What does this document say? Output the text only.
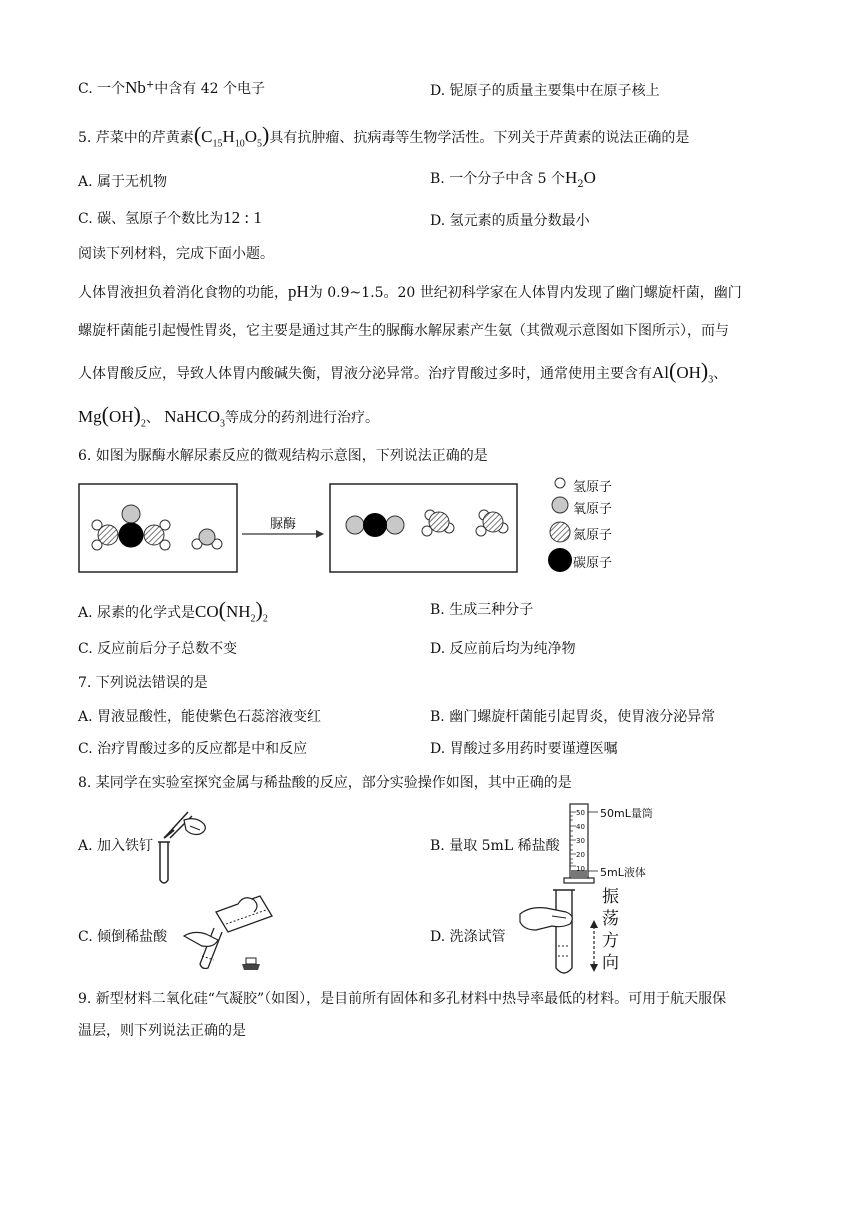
C. 一个Nb+中含有 42 个电子	D. 铌原子的质量主要集中在原子核上
5. 芹菜中的芹黄素$(C_{15}H_{10}O_5)$具有抗肿瘤、抗病毒等生物学活性。下列关于芹黄素的说法正确的是
A. 属于无机物	B. 一个分子中含 5 个$H_2O$
C. 碳、氢原子个数比为12 : 1	D. 氢元素的质量分数最小
阅读下列材料，完成下面小题。
人体胃液担负着消化食物的功能，pH为 0.9~1.5。20 世纪初科学家在人体胃内发现了幽门螺旋杆菌，幽门
螺旋杆菌能引起慢性胃炎，它主要是通过其产生的脲酶水解尿素产生氨（其微观示意图如下图所示），而与
人体胃酸反应，导致人体胃内酸碱失衡，胃液分泌异常。治疗胃酸过多时，通常使用主要含有$Al(OH)_3$、
$Mg(OH)_2$、 NaHCO$_3$等成分的药剂进行治疗。
6. 如图为脲酶水解尿素反应的微观结构示意图，下列说法正确的是
脲酶
氢原子
氧原子
氮原子
碳原子
A. 尿素的化学式是$CO(NH_2)_2$
B. 生成三种分子
C. 反应前后分子总数不变	D. 反应前后均为纯净物
7. 下列说法错误的是
A. 胃液显酸性，能使紫色石蕊溶液变红	B. 幽门螺旋杆菌能引起胃炎，使胃液分泌异常
C. 治疗胃酸过多的反应都是中和反应	D. 胃酸过多用药时要谨遵医嘱
8. 某同学在实验室探究金属与稀盐酸的反应，部分实验操作如图，其中正确的是
A. 加入铁钉	B. 量取 5mL 稀盐酸
C. 倾倒稀盐酸	D. 洗涤试管
50
40
30
20
10
50mL量筒
5mL液体
振
荡
方
向
9. 新型材料二氧化硅“气凝胶”（如图），是目前所有固体和多孔材料中热导率最低的材料。可用于航天服保
温层，则下列说法正确的是
